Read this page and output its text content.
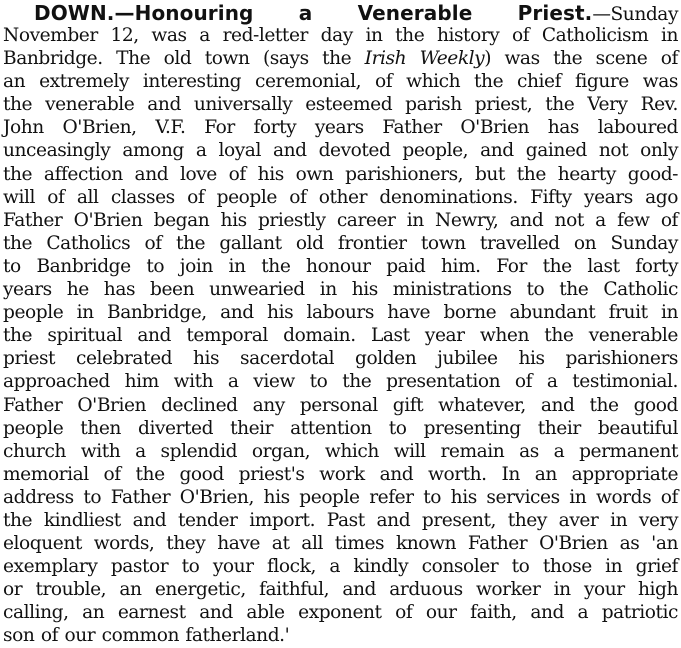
DOWN.—Honouring a Venerable Priest.—Sunday
November 12, was a red-letter day in the history of Catholicism in
Banbridge. The old town (says the Irish Weekly) was the scene of
an extremely interesting ceremonial, of which the chief figure was
the venerable and universally esteemed parish priest, the Very Rev.
John O'Brien, V.F. For forty years Father O'Brien has laboured
unceasingly among a loyal and devoted people, and gained not only
the affection and love of his own parishioners, but the hearty good-
will of all classes of people of other denominations. Fifty years ago
Father O'Brien began his priestly career in Newry, and not a few of
the Catholics of the gallant old frontier town travelled on Sunday
to Banbridge to join in the honour paid him. For the last forty
years he has been unwearied in his ministrations to the Catholic
people in Banbridge, and his labours have borne abundant fruit in
the spiritual and temporal domain. Last year when the venerable
priest celebrated his sacerdotal golden jubilee his parishioners
approached him with a view to the presentation of a testimonial.
Father O'Brien declined any personal gift whatever, and the good
people then diverted their attention to presenting their beautiful
church with a splendid organ, which will remain as a permanent
memorial of the good priest's work and worth. In an appropriate
address to Father O'Brien, his people refer to his services in words of
the kindliest and tender import. Past and present, they aver in very
eloquent words, they have at all times known Father O'Brien as 'an
exemplary pastor to your flock, a kindly consoler to those in grief
or trouble, an energetic, faithful, and arduous worker in your high
calling, an earnest and able exponent of our faith, and a patriotic
son of our common fatherland.'
